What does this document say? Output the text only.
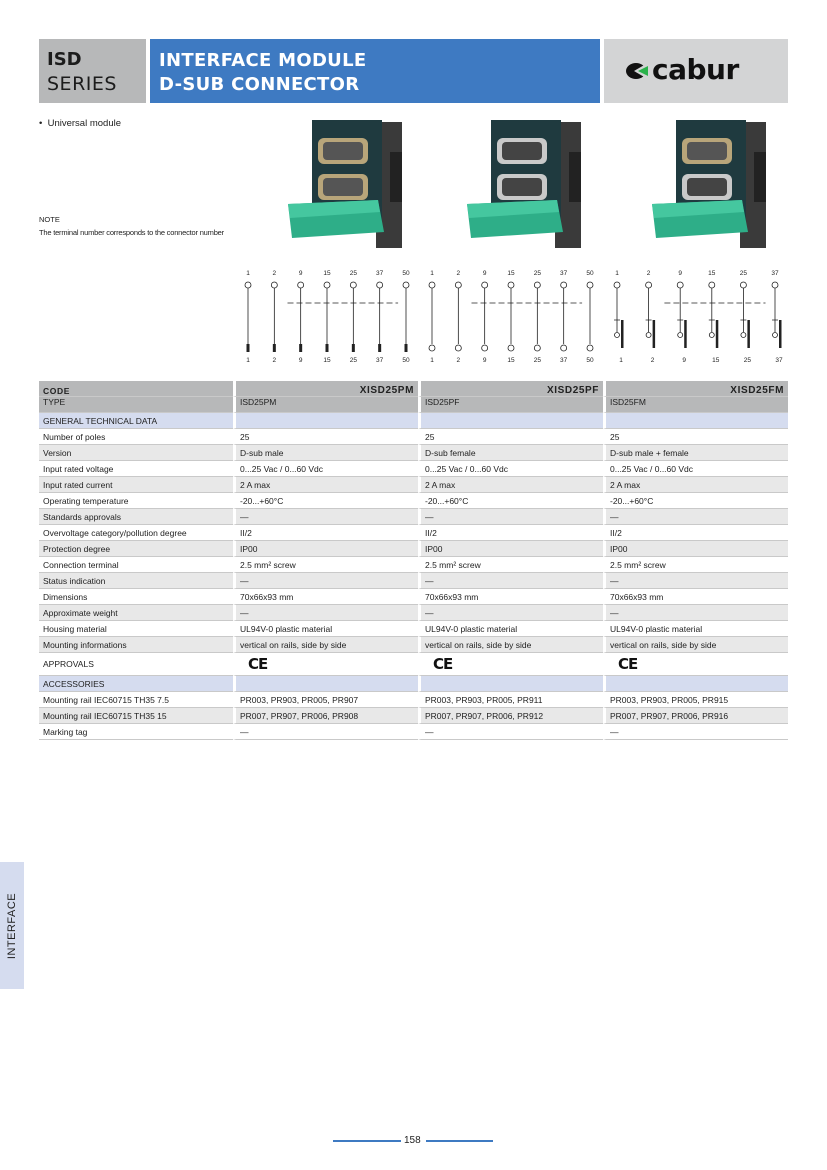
ISD
SERIES
INTERFACE MODULE
D-SUB CONNECTOR	cabur
•  Universal module
NOTE
The terminal number corresponds to the connector number
1
1
2
2
9
9
15
15
25
25
37
37
50
50
1
1
2
2
9
9
15
15
25
25
37
37
50
50
1
1
2
2
9
9
15
15
25
25
37
37
CODE	XISD25PM	XISD25PF	XISD25FM

TYPE	ISD25PM	ISD25PF	ISD25FM
GENERAL TECHNICAL DATA			
Number of poles	25	25	25
Version	D-sub male	D-sub female	D-sub male + female
Input rated voltage	0...25 Vac / 0...60 Vdc	0...25 Vac / 0...60 Vdc	0...25 Vac / 0...60 Vdc
Input rated current	2 A max	2 A max	2 A max
Operating temperature	-20...+60°C	-20...+60°C	-20...+60°C
Standards approvals	—	—	—
Overvoltage category/pollution degree	II/2	II/2	II/2
Protection degree	IP00	IP00	IP00
Connection terminal	2.5 mm² screw	2.5 mm² screw	2.5 mm² screw
Status indication	—	—	—
Dimensions	70x66x93 mm	70x66x93 mm	70x66x93 mm
Approximate weight	—	—	—
Housing material	UL94V-0 plastic material	UL94V-0 plastic material	UL94V-0 plastic material
Mounting informations	vertical on rails, side by side	vertical on rails, side by side	vertical on rails, side by side
APPROVALS	CE	CE	CE
ACCESSORIES			
Mounting rail IEC60715 TH35 7.5	PR003, PR903, PR005, PR907	PR003, PR903, PR005, PR911	PR003, PR903, PR005, PR915
Mounting rail IEC60715 TH35 15	PR007, PR907, PR006, PR908	PR007, PR907, PR006, PR912	PR007, PR907, PR006, PR916
Marking tag	—	—	—
INTERFACE
158
